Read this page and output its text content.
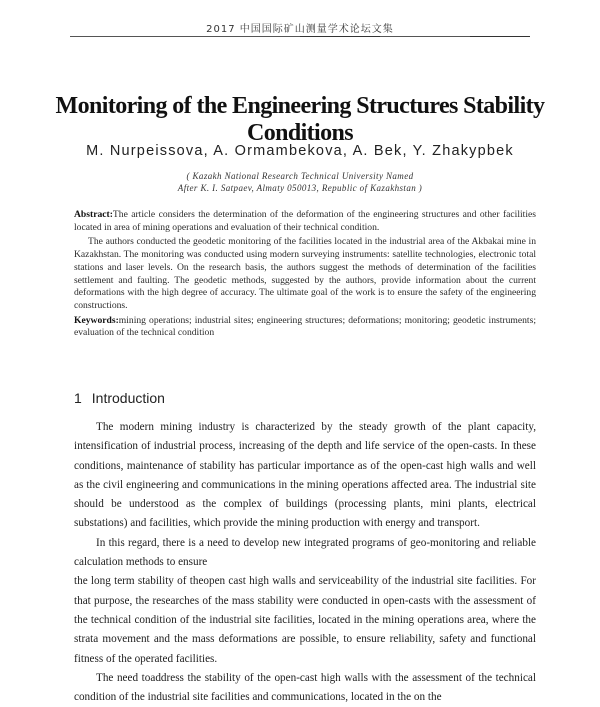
2017 中国国际矿山测量学术论坛文集
Monitoring of the Engineering Structures Stability Conditions
M. Nurpeissova, A. Ormambekova, A. Bek, Y. Zhakypbek
( Kazakh National Research Technical University Named
After K. I. Satpaev, Almaty 050013, Republic of Kazakhstan )

Abstract:The article considers the determination of the deformation of the engineering structures and other facilities located in area of mining operations and evaluation of their technical condition.

The authors conducted the geodetic monitoring of the facilities located in the industrial area of the Akbakai mine in Kazakhstan. The monitoring was conducted using modern surveying instruments: satellite technologies, electronic total stations and laser levels. On the research basis, the authors suggest the methods of determination of the facilities settlement and faulting. The geodetic methods, suggested by the authors, provide information about the current deformations with the high degree of accuracy. The ultimate goal of the work is to ensure the safety of the engineering constructions.

Keywords:mining operations; industrial sites; engineering structures; deformations; monitoring; geodetic instruments; evaluation of the technical condition

1 Introduction

The modern mining industry is characterized by the steady growth of the plant capacity, intensification of industrial process, increasing of the depth and life service of the open-casts. In these conditions, maintenance of stability has particular importance as of the open-cast high walls and well as the civil engineering and communications in the mining operations affected area. The industrial site should be understood as the complex of buildings (processing plants, mini plants, electrical substations) and facilities, which provide the mining production with energy and transport.

In this regard, there is a need to develop new integrated programs of geo-monitoring and reliable calculation methods to ensure

the long term stability of theopen cast high walls and serviceability of the industrial site facilities. For that purpose, the researches of the mass stability were conducted in open-casts with the assessment of the technical condition of the industrial site facilities, located in the mining operations area, where the strata movement and the mass deformations are possible, to ensure reliability, safety and functional fitness of the operated facilities.

The need toaddress the stability of the open-cast high walls with the assessment of the technical condition of the industrial site facilities and communications, located in the on the
